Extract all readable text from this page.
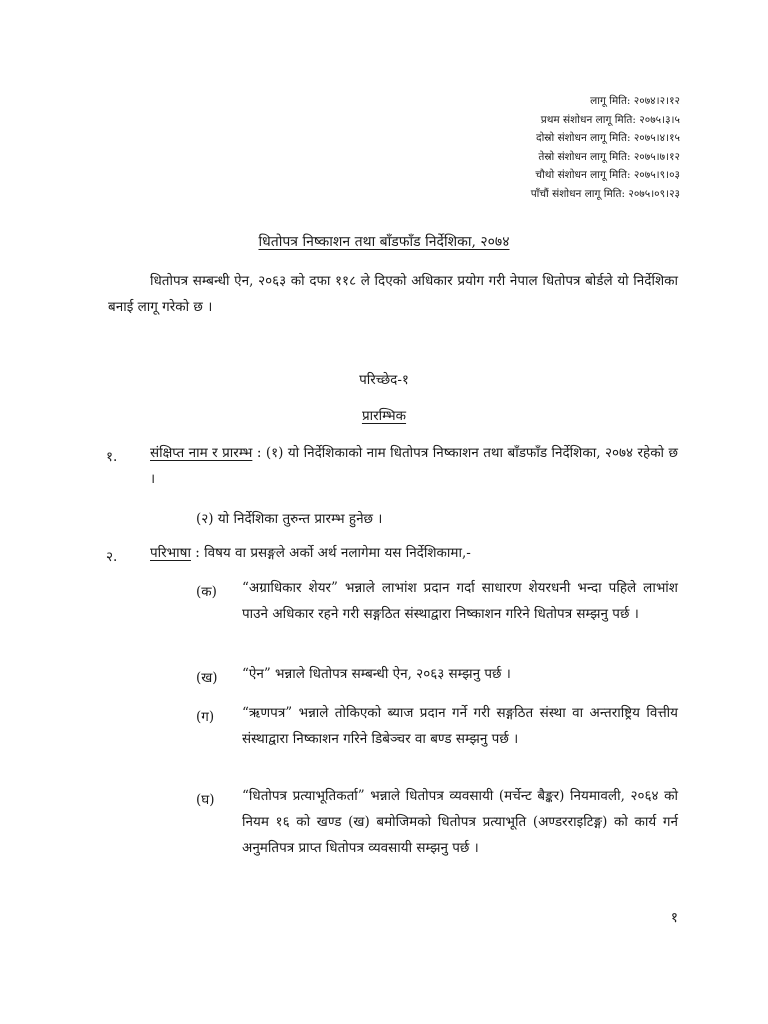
लागू मिति: २०७४।२।१२
प्रथम संशोधन लागू मिति: २०७५।३।५
दोस्रो संशोधन लागू मिति: २०७५।४।१५
तेस्रो संशोधन लागू मिति: २०७५।७।१२
चौथो संशोधन लागू मिति: २०७५।९।०३
पाँचौं संशोधन लागू मिति: २०७५।०९।२३
धितोपत्र निष्काशन तथा बाँडफाँड निर्देशिका, २०७४

धितोपत्र सम्बन्धी ऐन, २०६३ को दफा ११८ ले दिएको अधिकार प्रयोग गरी नेपाल धितोपत्र बोर्डले यो निर्देशिका बनाई लागू गरेको छ ।

परिच्छेद-१
प्रारम्भिक
१. संक्षिप्त नाम र प्रारम्भ : (१) यो निर्देशिकाको नाम धितोपत्र निष्काशन तथा बाँडफाँड निर्देशिका, २०७४ रहेको छ ।

(२) यो निर्देशिका तुरुन्त प्रारम्भ हुनेछ ।
२. परिभाषा : विषय वा प्रसङ्गले अर्को अर्थ नलागेमा यस निर्देशिकामा,-

(क) “अग्राधिकार शेयर” भन्नाले लाभांश प्रदान गर्दा साधारण शेयरधनी भन्दा पहिले लाभांश पाउने अधिकार रहने गरी सङ्गठित संस्थाद्वारा निष्काशन गरिने धितोपत्र सम्झनु पर्छ ।

(ख) “ऐन” भन्नाले धितोपत्र सम्बन्धी ऐन, २०६३ सम्झनु पर्छ ।

(ग) “ऋणपत्र” भन्नाले तोकिएको ब्याज प्रदान गर्ने गरी सङ्गठित संस्था वा अन्तराष्ट्रिय वित्तीय संस्थाद्वारा निष्काशन गरिने डिबेञ्चर वा बण्ड सम्झनु पर्छ ।

(घ) “धितोपत्र प्रत्याभूतिकर्ता” भन्नाले धितोपत्र व्यवसायी (मर्चेन्ट बैङ्कर) नियमावली, २०६४ को नियम १६ को खण्ड (ख) बमोजिमको धितोपत्र प्रत्याभूति (अण्डरराइटिङ्ग) को कार्य गर्न अनुमतिपत्र प्राप्त धितोपत्र व्यवसायी सम्झनु पर्छ ।

१
